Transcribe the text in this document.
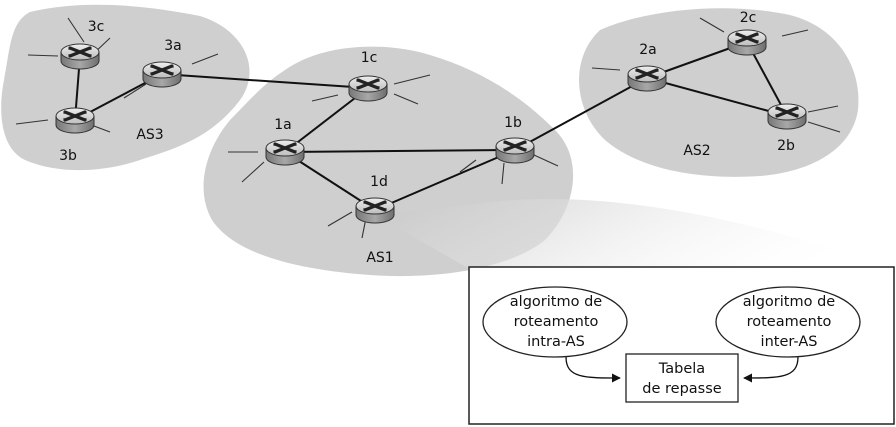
3c
3b
3a
1c
1a	1b
1d
2a
2c
2b
AS3
AS1
AS2
algoritmo de
roteamento
intra-AS
algoritmo de
roteamento
inter-AS
Tabela
de repasse
